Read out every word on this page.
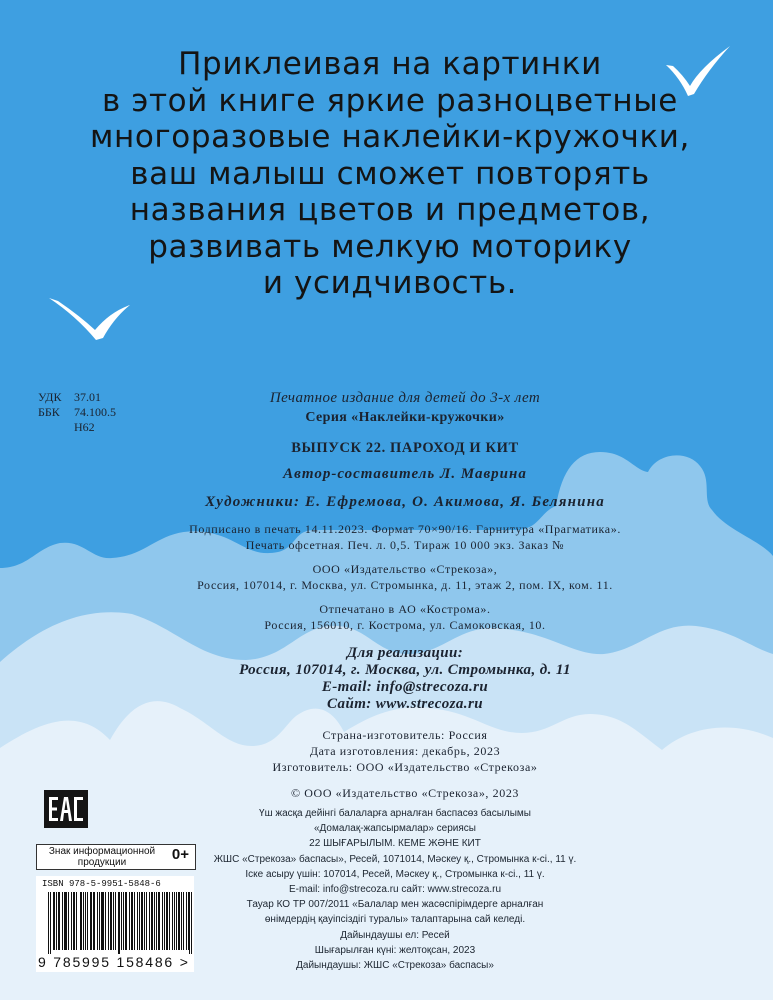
Приклеивая на картинки
в этой книге яркие разноцветные
многоразовые наклейки-кружочки,
ваш малыш сможет повторять
названия цветов и предметов,
развивать мелкую моторику
и усидчивость.
УДК	37.01
ББК	74.100.5
Н62
Печатное издание для детей до 3-х лет
Серия «Наклейки-кружочки»
ВЫПУСК 22. ПАРОХОД И КИТ
Автор-составитель Л. Маврина
Художники: Е. Ефремова, О. Акимова, Я. Белянина
Подписано в печать 14.11.2023. Формат 70×90/16. Гарнитура «Прагматика».
Печать офсетная. Печ. л. 0,5. Тираж 10 000 экз. Заказ №
ООО «Издательство «Стрекоза»,
Россия, 107014, г. Москва, ул. Стромынка, д. 11, этаж 2, пом. IX, ком. 11.
Отпечатано в АО «Кострома».
Россия, 156010, г. Кострома, ул. Самоковская, 10.
Для реализации:
Россия, 107014, г. Москва, ул. Стромынка, д. 11
E-mail: info@strecoza.ru
Сайт: www.strecoza.ru
Страна-изготовитель: Россия
Дата изготовления: декабрь, 2023
Изготовитель: ООО «Издательство «Стрекоза»
© ООО «Издательство «Стрекоза», 2023
Знак информационной продукции	0+
ISBN 978-5-9951-5848-6
9 785995 158486 >
Үш жасқа дейінгі балаларға арналған баспасөз басылымы
«Домалақ-жапсырмалар» сериясы
22 ШЫҒАРЫЛЫМ. КЕМЕ ЖӘНЕ КИТ
ЖШС «Стрекоза» баспасы», Ресей, 1071014, Мәскеу қ., Стромынка к-сі., 11 ү.
Іске асыру үшін: 107014, Ресей, Мәскеу қ., Стромынка к-сі., 11 ү.
E-mail: info@strecoza.ru сайт: www.strecoza.ru
Тауар КО ТР 007/2011 «Балалар мен жасөспірімдерге арналған
өнімдердің қауіпсіздігі туралы» талаптарына сай келеді.
Дайындаушы ел: Ресей
Шығарылған күні: желтоқсан, 2023
Дайындаушы: ЖШС «Стрекоза» баспасы»
